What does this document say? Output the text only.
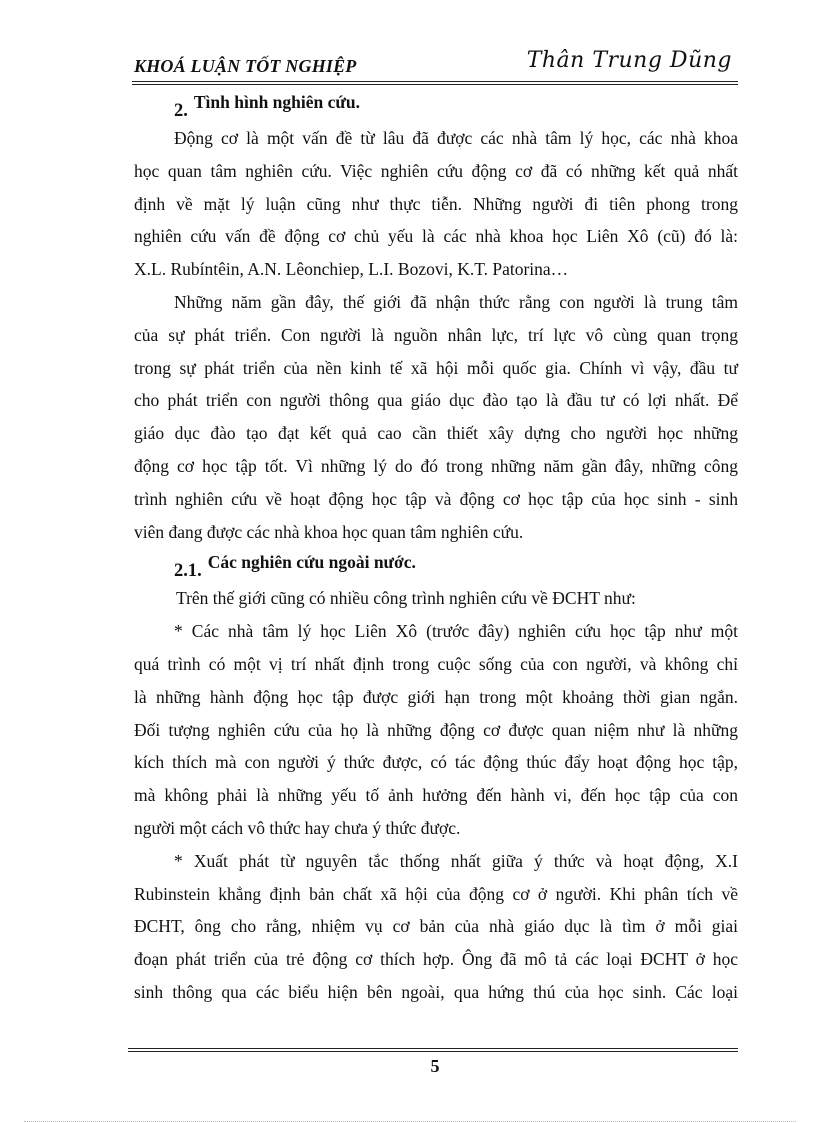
KHOÁ LUẬN TỐT NGHIỆP	Thân Trung Dũng
2. Tình hình nghiên cứu.
Động cơ là một vấn đề từ lâu đã được các nhà tâm lý học, các nhà khoa
học quan tâm nghiên cứu. Việc nghiên cứu động cơ đã có những kết quả nhất
định về mặt lý luận cũng như thực tiễn. Những người đi tiên phong trong
nghiên cứu vấn đề động cơ chủ yếu là các nhà khoa học Liên Xô (cũ) đó là:
X.L. Rubíntêin, A.N. Lêonchiep, L.I. Bozovi, K.T. Patorina…
Những năm gần đây, thế giới đã nhận thức rằng con người là trung tâm
của sự phát triển. Con người là nguồn nhân lực, trí lực vô cùng quan trọng
trong sự phát triển của nền kinh tế xã hội mỗi quốc gia. Chính vì vậy, đầu tư
cho phát triển con người thông qua giáo dục đào tạo là đầu tư có lợi nhất. Để
giáo dục đào tạo đạt kết quả cao cần thiết xây dựng cho người học những
động cơ học tập tốt. Vì những lý do đó trong những năm gần đây, những công
trình nghiên cứu về hoạt động học tập và động cơ học tập của học sinh - sinh
viên đang được các nhà khoa học quan tâm nghiên cứu.
2.1. Các nghiên cứu ngoài nước.
Trên thế giới cũng có nhiều công trình nghiên cứu về ĐCHT như:
* Các nhà tâm lý học Liên Xô (trước đây) nghiên cứu học tập như một
quá trình có một vị trí nhất định trong cuộc sống của con người, và không chỉ
là những hành động học tập được giới hạn trong một khoảng thời gian ngắn.
Đối tượng nghiên cứu của họ là những động cơ được quan niệm như là những
kích thích mà con người ý thức được, có tác động thúc đẩy hoạt động học tập,
mà không phải là những yếu tố ảnh hưởng đến hành vi, đến học tập của con
người một cách vô thức hay chưa ý thức được.
* Xuất phát từ nguyên tắc thống nhất giữa ý thức và hoạt động, X.I
Rubinstein khẳng định bản chất xã hội của động cơ ở người. Khi phân tích về
ĐCHT, ông cho rằng, nhiệm vụ cơ bản của nhà giáo dục là tìm ở mỗi giai
đoạn phát triển của trẻ động cơ thích hợp. Ông đã mô tả các loại ĐCHT ở học
sinh thông qua các biểu hiện bên ngoài, qua hứng thú của học sinh. Các loại
5
